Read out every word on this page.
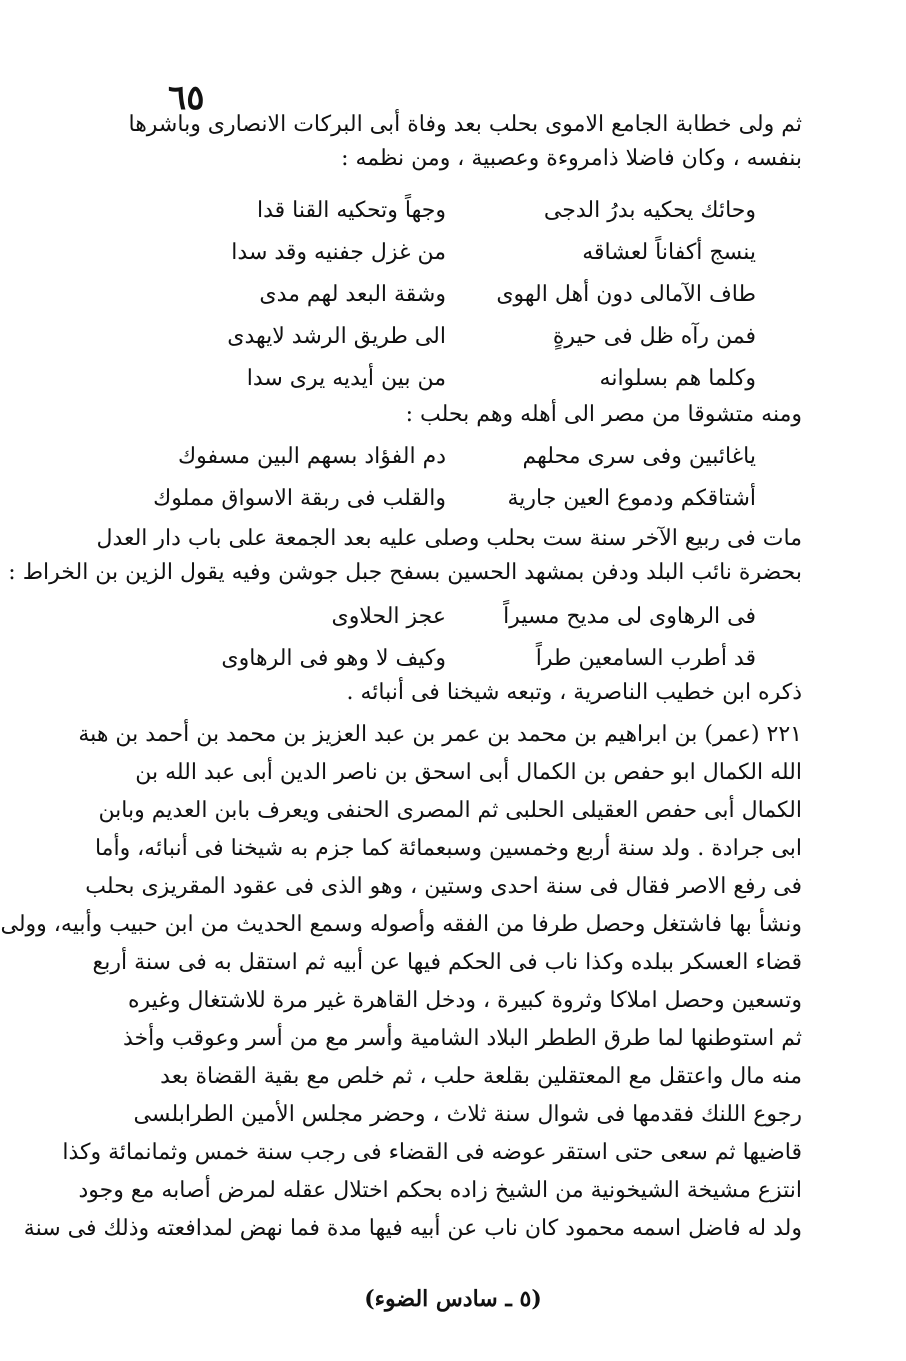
٦٥
ثم ولى خطابة الجامع الاموى بحلب بعد وفاة أبى البركات الانصارى وباشرها
بنفسه ، وكان فاضلا ذامروءة وعصبية ، ومن نظمه :
وحائك يحكيه بدرُ الدجى
وجهاً وتحكيه القنا قدا
ينسج أكفاناً لعشاقه
من غزل جفنيه وقد سدا
طاف الآمالى دون أهل الهوى
وشقة البعد لهم مدى
فمن رآه ظل فى حيرةٍ
الى طريق الرشد لايهدى
وكلما هم بسلوانه
من بين أيديه يرى سدا
ومنه متشوقا من مصر الى أهله وهم بحلب :
ياغائبين وفى سرى محلهم
دم الفؤاد بسهم البين مسفوك
أشتاقكم ودموع العين جارية
والقلب فى ربقة الاسواق مملوك
مات فى ربيع الآخر سنة ست بحلب وصلى عليه بعد الجمعة على باب دار العدل
بحضرة نائب البلد ودفن بمشهد الحسين بسفح جبل جوشن وفيه يقول الزين بن الخراط :
فى الرهاوى لى مديح مسيراً
عجز الحلاوى
قد أطرب السامعين طراً
وكيف لا وهو فى الرهاوى
ذكره ابن خطيب الناصرية ، وتبعه شيخنا فى أنبائه .
٢٢١ (عمر) بن ابراهيم بن محمد بن عمر بن عبد العزيز بن محمد بن أحمد بن هبة
الله الكمال ابو حفص بن الكمال أبى اسحق بن ناصر الدين أبى عبد الله بن
الكمال أبى حفص العقيلى الحلبى ثم المصرى الحنفى ويعرف بابن العديم وبابن
ابى جرادة . ولد سنة أربع وخمسين وسبعمائة كما جزم به شيخنا فى أنبائه، وأما
فى رفع الاصر فقال فى سنة احدى وستين ، وهو الذى فى عقود المقريزى بحلب
ونشأ بها فاشتغل وحصل طرفا من الفقه وأصوله وسمع الحديث من ابن حبيب وأبيه، وولى
قضاء العسكر ببلده وكذا ناب فى الحكم فيها عن أبيه ثم استقل به فى سنة أربع
وتسعين وحصل املاكا وثروة كبيرة ، ودخل القاهرة غير مرة للاشتغال وغيره
ثم استوطنها لما طرق الططر البلاد الشامية وأسر مع من أسر وعوقب وأخذ
منه مال واعتقل مع المعتقلين بقلعة حلب ، ثم خلص مع بقية القضاة بعد
رجوع اللنك فقدمها فى شوال سنة ثلاث ، وحضر مجلس الأمين الطرابلسى
قاضيها ثم سعى حتى استقر عوضه فى القضاء فى رجب سنة خمس وثمانمائة وكذا
انتزع مشيخة الشيخونية من الشيخ زاده بحكم اختلال عقله لمرض أصابه مع وجود
ولد له فاضل اسمه محمود كان ناب عن أبيه فيها مدة فما نهض لمدافعته وذلك فى سنة
(٥ ـ سادس الضوء)
